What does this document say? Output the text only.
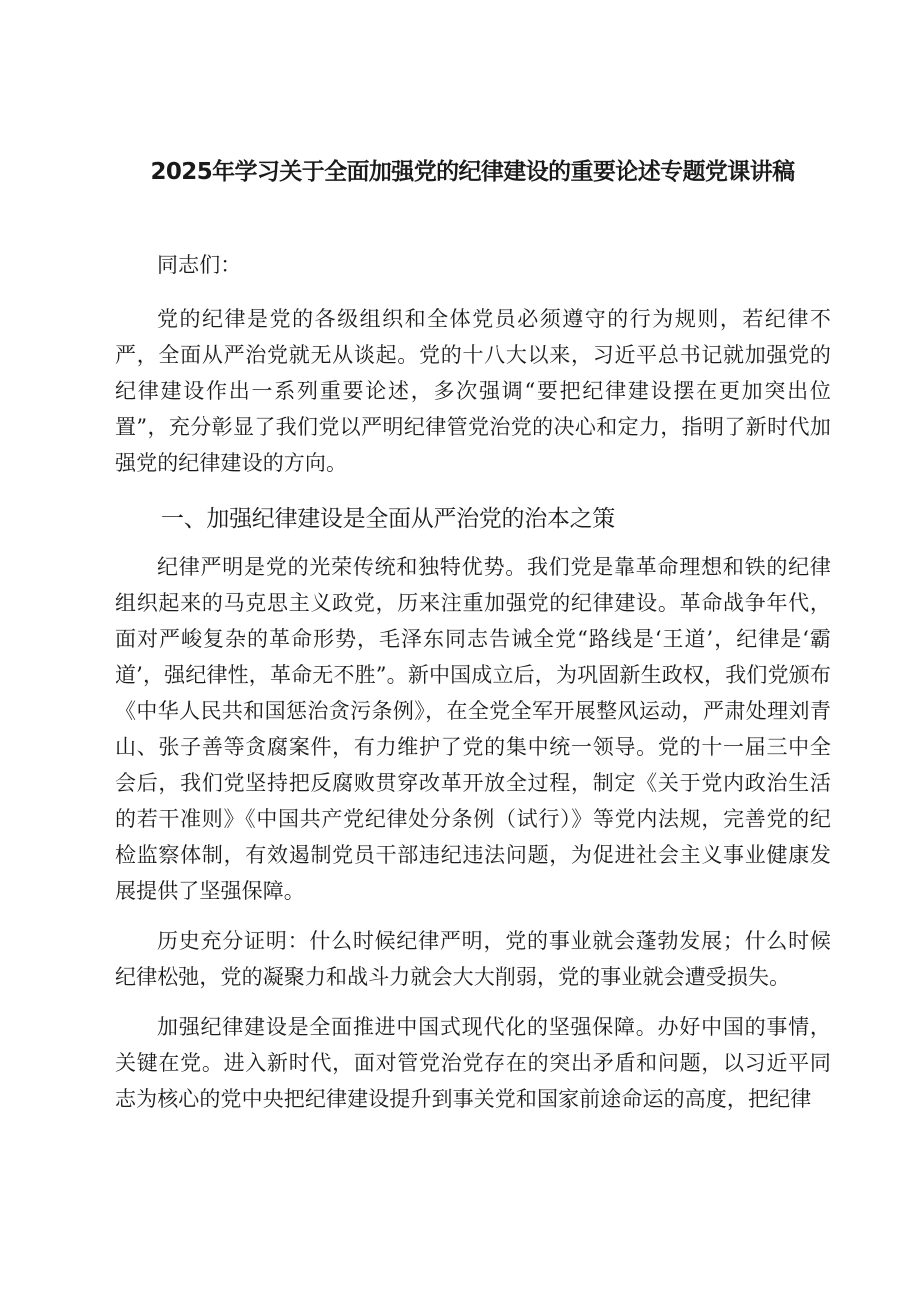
2025年学习关于全面加强党的纪律建设的重要论述专题党课讲稿

同志们：

党的纪律是党的各级组织和全体党员必须遵守的行为规则，若纪律不严，全面从严治党就无从谈起。党的十八大以来，习近平总书记就加强党的纪律建设作出一系列重要论述，多次强调“要把纪律建设摆在更加突出位置”，充分彰显了我们党以严明纪律管党治党的决心和定力，指明了新时代加强党的纪律建设的方向。

一、加强纪律建设是全面从严治党的治本之策

纪律严明是党的光荣传统和独特优势。我们党是靠革命理想和铁的纪律组织起来的马克思主义政党，历来注重加强党的纪律建设。革命战争年代，面对严峻复杂的革命形势，毛泽东同志告诫全党“路线是‘王道’，纪律是‘霸道’，强纪律性，革命无不胜”。新中国成立后，为巩固新生政权，我们党颁布《中华人民共和国惩治贪污条例》，在全党全军开展整风运动，严肃处理刘青山、张子善等贪腐案件，有力维护了党的集中统一领导。党的十一届三中全会后，我们党坚持把反腐败贯穿改革开放全过程，制定《关于党内政治生活的若干准则》《中国共产党纪律处分条例（试行）》等党内法规，完善党的纪检监察体制，有效遏制党员干部违纪违法问题，为促进社会主义事业健康发展提供了坚强保障。

历史充分证明：什么时候纪律严明，党的事业就会蓬勃发展；什么时候纪律松弛，党的凝聚力和战斗力就会大大削弱，党的事业就会遭受损失。

加强纪律建设是全面推进中国式现代化的坚强保障。办好中国的事情，关键在党。进入新时代，面对管党治党存在的突出矛盾和问题，以习近平同志为核心的党中央把纪律建设提升到事关党和国家前途命运的高度，把纪律
